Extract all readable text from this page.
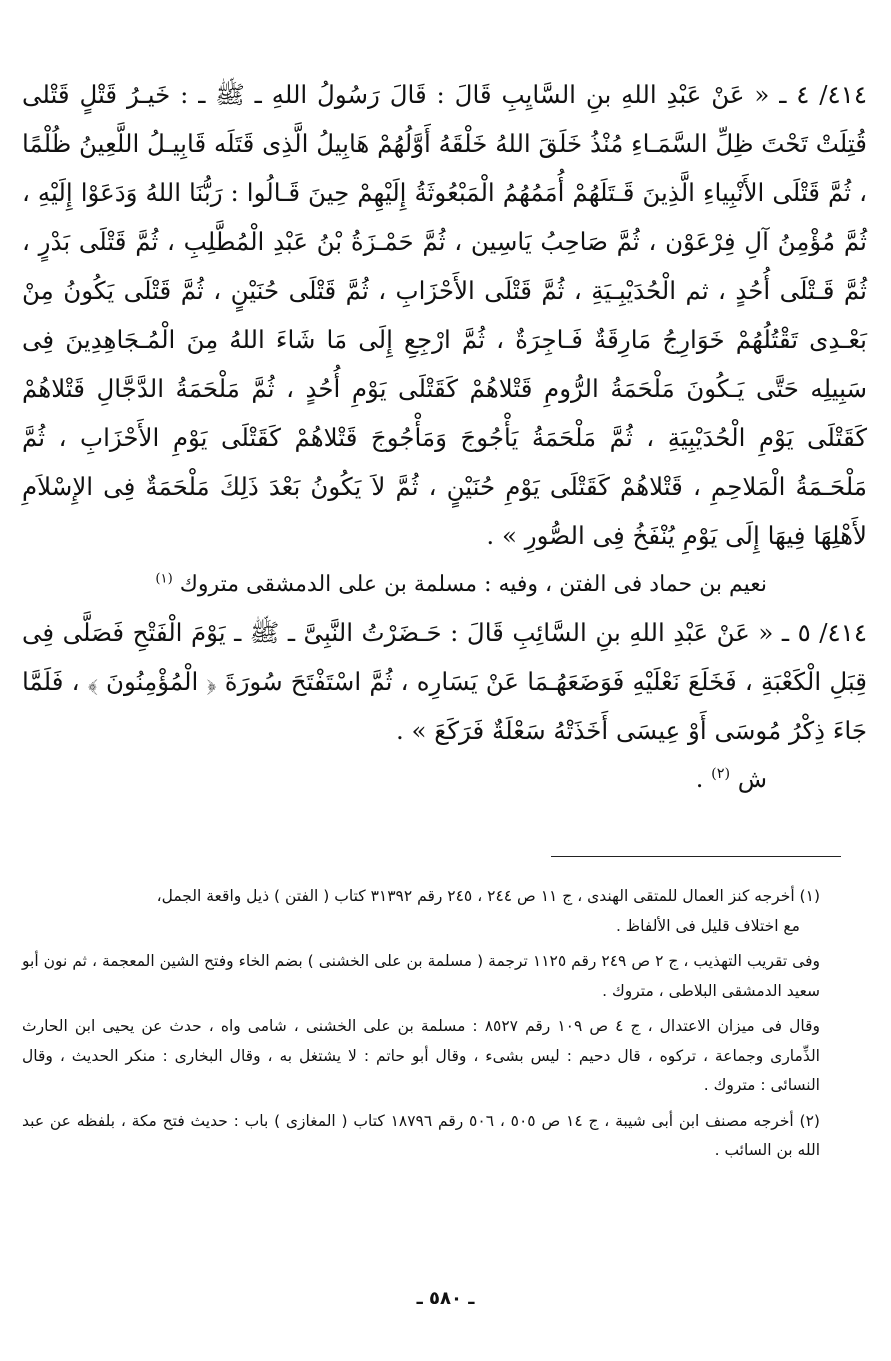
٤١٤/ ٤ ـ « عَنْ عَبْدِ اللهِ بنِ السَّايِبِ قَالَ : قَالَ رَسُولُ اللهِ ـ ﷺ ـ : خَيـرُ قَتْلٍ قَتْلى قُتِلَتْ تَحْتَ ظِلِّ السَّمَـاءِ مُنْذُ خَلَقَ اللهُ خَلْقَهُ أَوَّلُهُمْ هَابِيلُ الَّذِى قَتَلَه قَابِيـلُ اللَّعِينُ ظُلْمًا ، ثُمَّ قَتْلَى الأَنْبِياءِ الَّذِينَ قَـتَلَهُمْ أُمَمُهُمُ الْمَبْعُوثَةُ إِلَيْهِمْ حِينَ قَـالُوا : رَبُّنَا اللهُ وَدَعَوْا إِلَيْهِ ، ثُمَّ مُؤْمِنُ آلِ فِرْعَوْن ، ثُمَّ صَاحِبُ يَاسِين ، ثُمَّ حَمْـزَةُ بْنُ عَبْدِ الْمُطَّلِبِ ، ثُمَّ قَتْلَى بَدْرٍ ، ثُمَّ قَـتْلَى أُحُدٍ ، ثم الْحُدَيْبِـيَةِ ، ثُمَّ قَتْلَى الأَحْزَابِ ، ثُمَّ قَتْلَى حُنَيْنٍ ، ثُمَّ قَتْلَى يَكُونُ مِنْ بَعْـدِى تَقْتُلُهُمْ خَوَارِجُ مَارِقَةٌ فَـاجِرَةٌ ، ثُمَّ ارْجِعِ إِلَى مَا شَاءَ اللهُ مِنَ الْمُـجَاهِدِينَ فِى سَبِيلِه حَتَّى يَـكُونَ مَلْحَمَةُ الرُّومِ قَتْلاهُمْ كَقَتْلَى يَوْمِ أُحُدٍ ، ثُمَّ مَلْحَمَةُ الدَّجَّالِ قَتْلاهُمْ كَقَتْلَى يَوْمِ الْحُدَيْبِيَةِ ، ثُمَّ مَلْحَمَةُ يَأْجُوجَ وَمَأْجُوجَ قَتْلاهُمْ كَقَتْلَى يَوْمِ الأَحْزَابِ ، ثُمَّ مَلْحَـمَةُ الْمَلاحِمِ ، قَتْلاهُمْ كَقَتْلَى يَوْمِ حُنَيْنٍ ، ثُمَّ لاَ يَكُونُ بَعْدَ ذَلِكَ مَلْحَمَةٌ فِى الإِسْلاَمِ لأَهْلِهَا فِيهَا إِلَى يَوْمِ يُنْفَخُ فِى الصُّورِ » .

نعيم بن حماد فى الفتن ، وفيه : مسلمة بن على الدمشقى متروك $^{(١)}$

٤١٤/ ٥ ـ « عَنْ عَبْدِ اللهِ بنِ السَّائِبِ قَالَ : حَـضَرْتُ النَّبِىَّ ـ ﷺ ـ يَوْمَ الْفَتْحِ فَصَلَّى فِى قِبَلِ الْكَعْبَةِ ، فَخَلَعَ نَعْلَيْهِ فَوَضَعَهُـمَا عَنْ يَسَارِه ، ثُمَّ اسْتَفْتَحَ سُورَةَ ﴿ الْمُؤْمِنُونَ ﴾ ، فَلَمَّا جَاءَ ذِكْرُ مُوسَى أَوْ عِيسَى أَخَذَتْهُ سَعْلَةٌ فَرَكَعَ » .

ش $^{(٢)}$ .

(١) أخرجه كنز العمال للمتقى الهندى ، ج ١١ ص ٢٤٤ ، ٢٤٥ رقم ٣١٣٩٢ كتاب ( الفتن ) ذيل واقعة الجمل،
مع اختلاف قليل فى الألفاظ .

وفى تقريب التهذيب ، ج ٢ ص ٢٤٩ رقم ١١٢٥ ترجمة ( مسلمة بن على الخشنى ) بضم الخاء وفتح الشين المعجمة ، ثم نون أبو سعيد الدمشقى البلاطى ، متروك .

وقال فى ميزان الاعتدال ، ج ٤ ص ١٠٩ رقم ٨٥٢٧ : مسلمة بن على الخشنى ، شامى واه ، حدث عن يحيى ابن الحارث الذِّمارى وجماعة ، تركوه ، قال دحيم : ليس بشىء ، وقال أبو حاتم : لا يشتغل به ، وقال البخارى : منكر الحديث ، وقال النسائى : متروك .

(٢) أخرجه مصنف ابن أبى شيبة ، ج ١٤ ص ٥٠٥ ، ٥٠٦ رقم ١٨٧٩٦ كتاب ( المغازى ) باب : حديث فتح مكة ، بلفظه عن عبد الله بن السائب .

ـ ٥٨٠ ـ
